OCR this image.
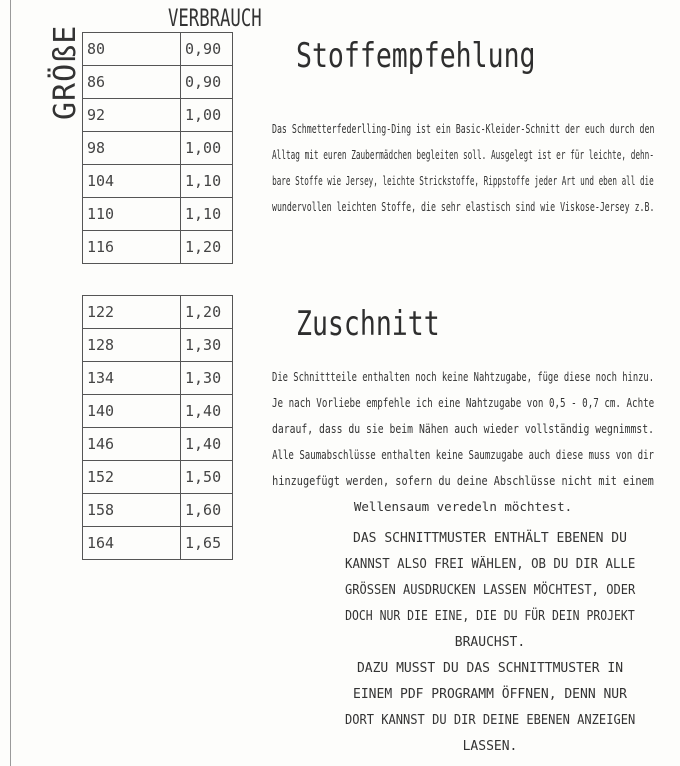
VERBRAUCH
GRÖßE 80	0,90
86	0,90
92	1,00
98	1,00
104	1,10
110	1,10
116	1,20
122	1,20
128	1,30
134	1,30
140	1,40
146	1,40
152	1,50
158	1,60
164	1,65
Stoffempfehlung
Das Schmetterfederlling-Ding ist ein Basic-Kleider-Schnitt der euch durch den
Alltag mit euren Zaubermädchen begleiten soll. Ausgelegt ist er für leichte, dehn-
bare Stoffe wie Jersey, leichte Strickstoffe, Rippstoffe jeder Art und eben all die
wundervollen leichten Stoffe, die sehr elastisch sind wie Viskose-Jersey z.B.
Zuschnitt
Die Schnittteile enthalten noch keine Nahtzugabe, füge diese noch hinzu.
Je nach Vorliebe empfehle ich eine Nahtzugabe von 0,5 - 0,7 cm. Achte
darauf, dass du sie beim Nähen auch wieder vollständig wegnimmst.
Alle Saumabschlüsse enthalten keine Saumzugabe auch diese muss von dir
hinzugefügt werden, sofern du deine Abschlüsse nicht mit einem
Wellensaum veredeln möchtest.
DAS SCHNITTMUSTER ENTHÄLT EBENEN DU
KANNST ALSO FREI WÄHLEN, OB DU DIR ALLE
GRÖSSEN AUSDRUCKEN LASSEN MÖCHTEST, ODER
DOCH NUR DIE EINE, DIE DU FÜR DEIN PROJEKT
BRAUCHST.
DAZU MUSST DU DAS SCHNITTMUSTER IN
EINEM PDF PROGRAMM ÖFFNEN, DENN NUR
DORT KANNST DU DIR DEINE EBENEN ANZEIGEN
LASSEN.
